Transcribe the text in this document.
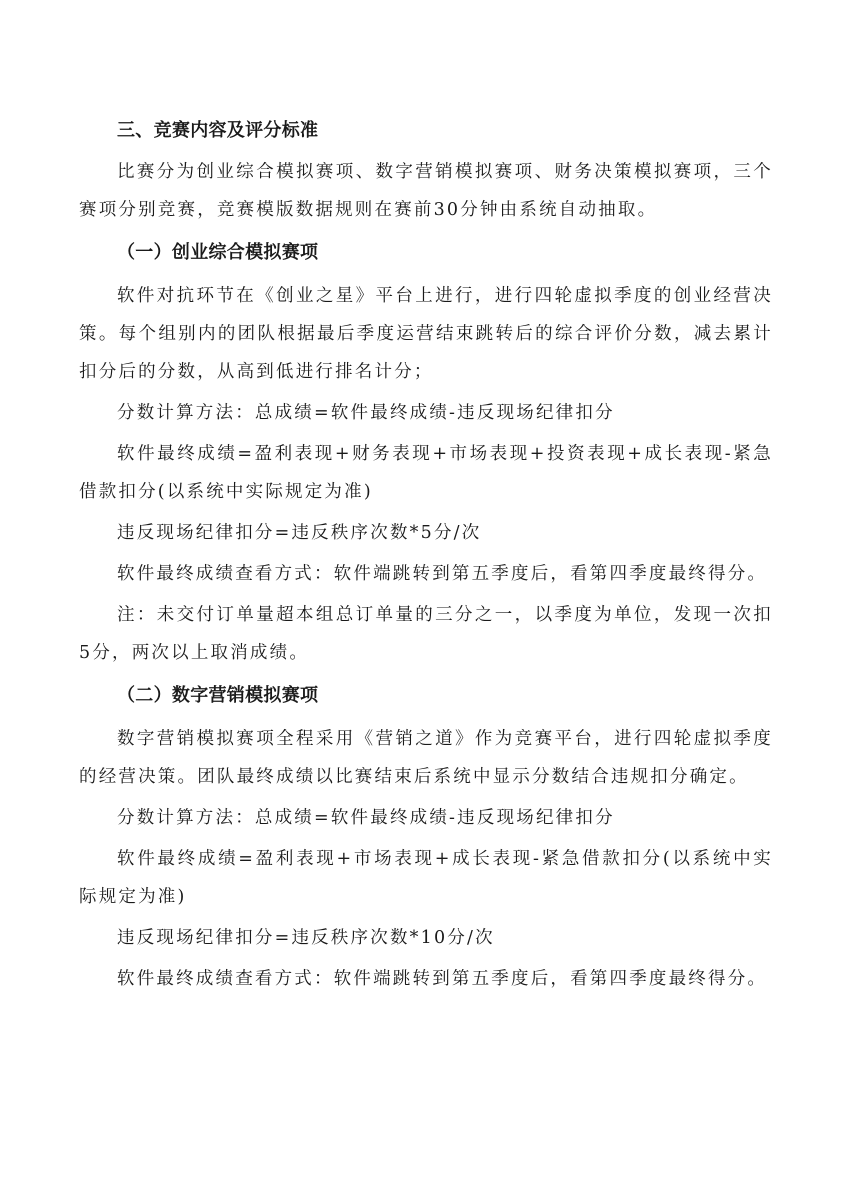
三、竞赛内容及评分标准

比赛分为创业综合模拟赛项、数字营销模拟赛项、财务决策模拟赛项，三个赛项分别竞赛，竞赛模版数据规则在赛前30分钟由系统自动抽取。

（一）创业综合模拟赛项

软件对抗环节在《创业之星》平台上进行，进行四轮虚拟季度的创业经营决策。每个组别内的团队根据最后季度运营结束跳转后的综合评价分数，减去累计扣分后的分数，从高到低进行排名计分；

分数计算方法：总成绩=软件最终成绩-违反现场纪律扣分

软件最终成绩=盈利表现+财务表现+市场表现+投资表现+成长表现-紧急借款扣分(以系统中实际规定为准)

违反现场纪律扣分=违反秩序次数*5分/次

软件最终成绩查看方式：软件端跳转到第五季度后，看第四季度最终得分。

注：未交付订单量超本组总订单量的三分之一，以季度为单位，发现一次扣5分，两次以上取消成绩。

（二）数字营销模拟赛项

数字营销模拟赛项全程采用《营销之道》作为竞赛平台，进行四轮虚拟季度的经营决策。团队最终成绩以比赛结束后系统中显示分数结合违规扣分确定。

分数计算方法：总成绩=软件最终成绩-违反现场纪律扣分

软件最终成绩=盈利表现+市场表现+成长表现-紧急借款扣分(以系统中实际规定为准)

违反现场纪律扣分=违反秩序次数*10分/次

软件最终成绩查看方式：软件端跳转到第五季度后，看第四季度最终得分。
